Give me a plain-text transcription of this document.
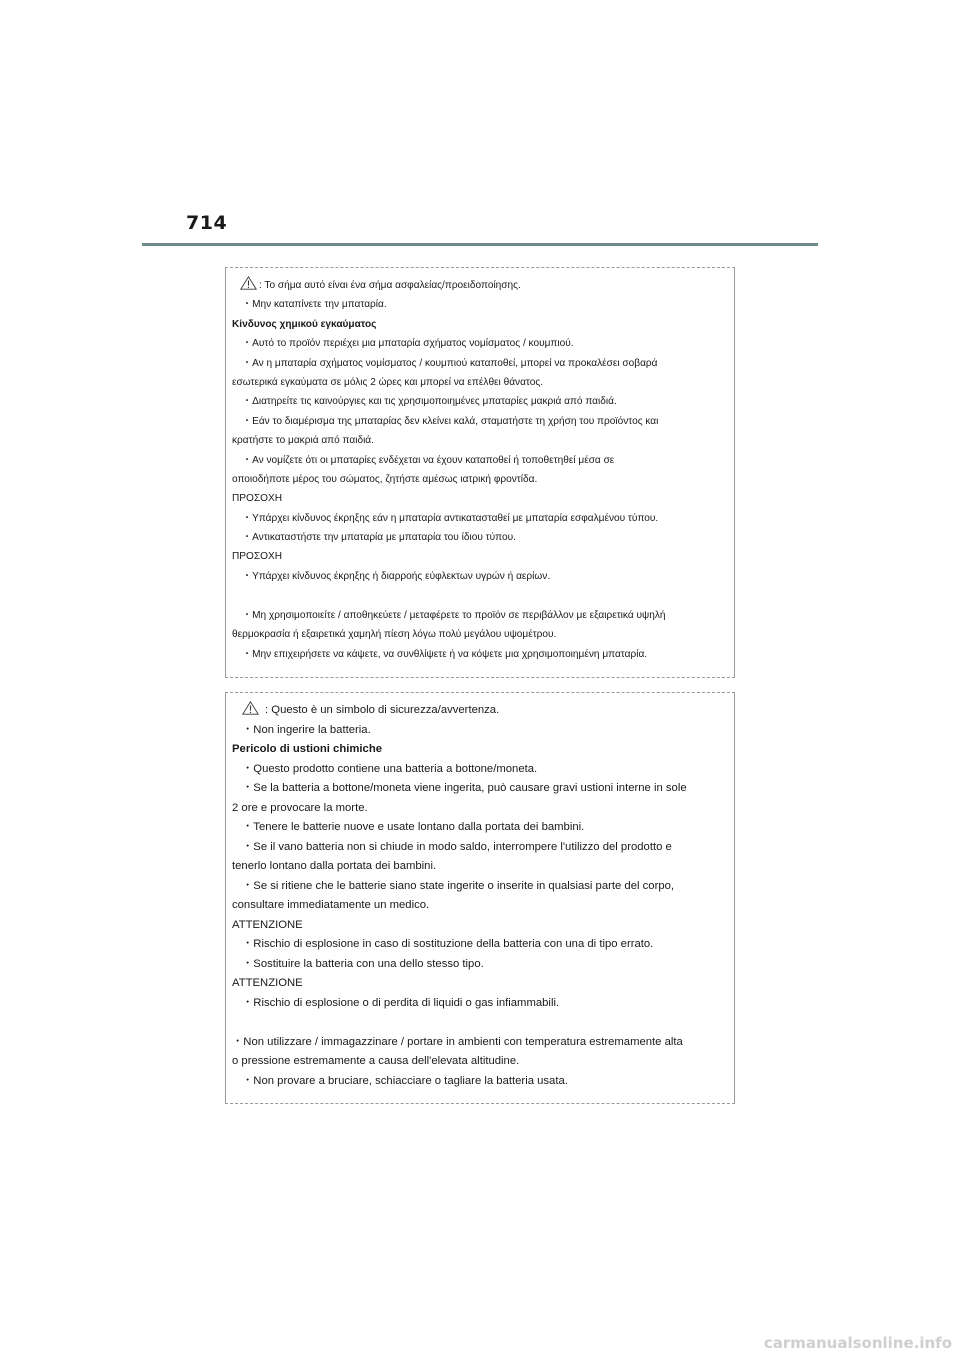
714
: Το σήμα αυτό είναι ένα σήμα ασφαλείας/προειδοποίησης.
・Μην καταπίνετε την μπαταρία.
Κίνδυνος χημικού εγκαύματος
・Αυτό το προϊόν περιέχει μια μπαταρία σχήματος νομίσματος / κουμπιού.
・Αν η μπαταρία σχήματος νομίσματος / κουμπιού καταποθεί, μπορεί να προκαλέσει σοβαρά
εσωτερικά εγκαύματα σε μόλις 2 ώρες και μπορεί να επέλθει θάνατος.
・Διατηρείτε τις καινούργιες και τις χρησιμοποιημένες μπαταρίες μακριά από παιδιά.
・Εάν το διαμέρισμα της μπαταρίας δεν κλείνει καλά, σταματήστε τη χρήση του προϊόντος και
κρατήστε το μακριά από παιδιά.
・Αν νομίζετε ότι οι μπαταρίες ενδέχεται να έχουν καταποθεί ή τοποθετηθεί μέσα σε
οποιοδήποτε μέρος του σώματος, ζητήστε αμέσως ιατρική φροντίδα.
ΠΡΟΣΟΧΗ
・Υπάρχει κίνδυνος έκρηξης εάν η μπαταρία αντικατασταθεί με μπαταρία εσφαλμένου τύπου.
・Αντικαταστήστε την μπαταρία με μπαταρία του ίδιου τύπου.
ΠΡΟΣΟΧΗ
・Υπάρχει κίνδυνος έκρηξης ή διαρροής εύφλεκτων υγρών ή αερίων.
・Μη χρησιμοποιείτε / αποθηκεύετε / μεταφέρετε το προϊόν σε περιβάλλον με εξαιρετικά υψηλή
θερμοκρασία ή εξαιρετικά χαμηλή πίεση λόγω πολύ μεγάλου υψομέτρου.
・Μην επιχειρήσετε να κάψετε, να συνθλίψετε ή να κόψετε μια χρησιμοποιημένη μπαταρία.
: Questo è un simbolo di sicurezza/avvertenza.
・Non ingerire la batteria.
Pericolo di ustioni chimiche
・Questo prodotto contiene una batteria a bottone/moneta.
・Se la batteria a bottone/moneta viene ingerita, può causare gravi ustioni interne in sole
2 ore e provocare la morte.
・Tenere le batterie nuove e usate lontano dalla portata dei bambini.
・Se il vano batteria non si chiude in modo saldo, interrompere l'utilizzo del prodotto e
tenerlo lontano dalla portata dei bambini.
・Se si ritiene che le batterie siano state ingerite o inserite in qualsiasi parte del corpo,
consultare immediatamente un medico.
ATTENZIONE
・Rischio di esplosione in caso di sostituzione della batteria con una di tipo errato.
・Sostituire la batteria con una dello stesso tipo.
ATTENZIONE
・Rischio di esplosione o di perdita di liquidi o gas infiammabili.
・Non utilizzare / immagazzinare / portare in ambienti con temperatura estremamente alta
o pressione estremamente a causa dell'elevata altitudine.
・Non provare a bruciare, schiacciare o tagliare la batteria usata.
carmanualsonline.info
